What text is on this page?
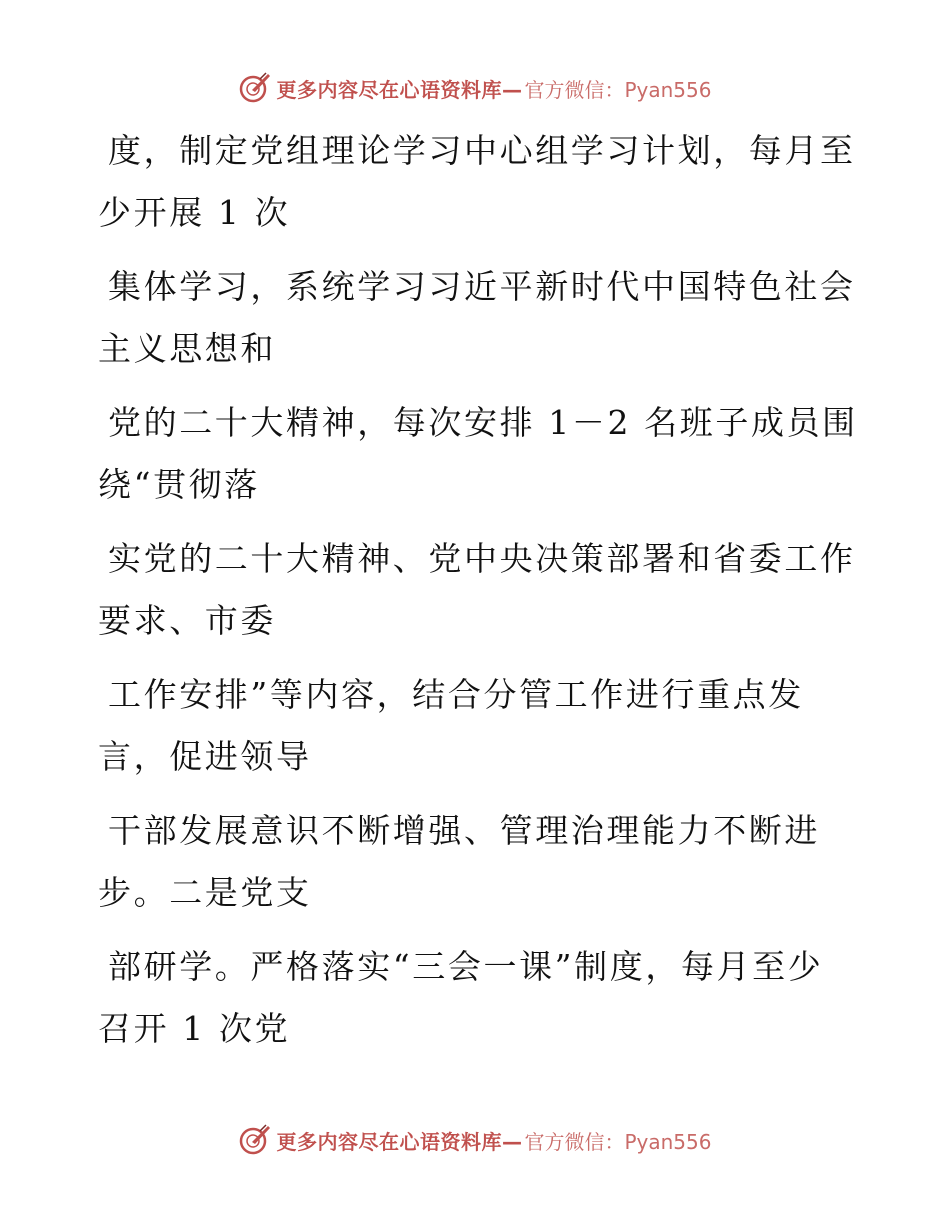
更多内容尽在心语资料库— 官方微信：Pyan556

度，制定党组理论学习中心组学习计划，每月至
少开展 1 次

集体学习，系统学习习近平新时代中国特色社会
主义思想和

党的二十大精神，每次安排 1－2 名班子成员围
绕“贯彻落

实党的二十大精神、党中央决策部署和省委工作
要求、市委

工作安排”等内容，结合分管工作进行重点发
言，促进领导

干部发展意识不断增强、管理治理能力不断进
步。二是党支

部研学。严格落实“三会一课”制度，每月至少
召开 1 次党

更多内容尽在心语资料库— 官方微信：Pyan556
